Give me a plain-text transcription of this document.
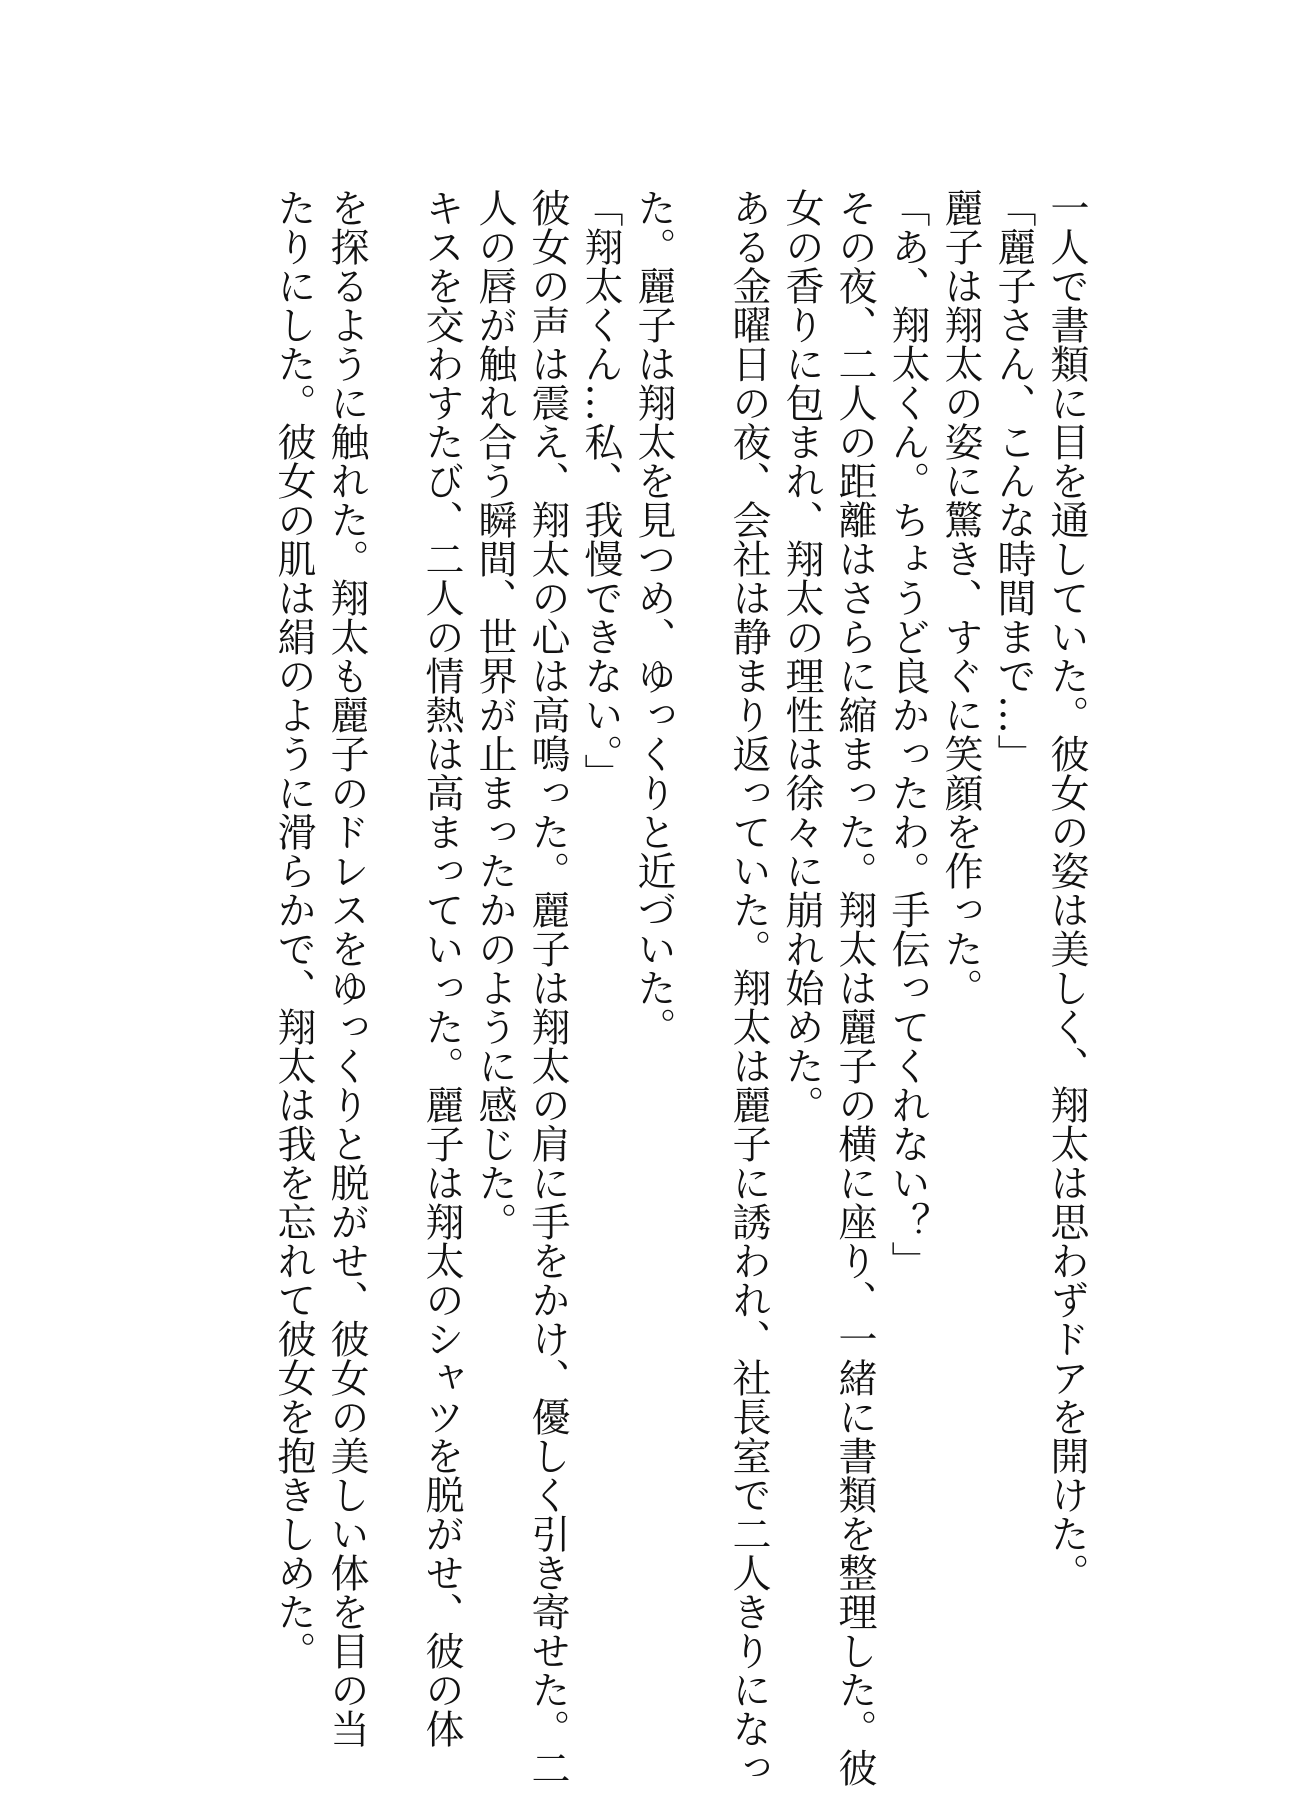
一人で書類に目を通していた。彼女の姿は美しく、翔太は思わずドアを開けた。
「麗子さん、こんな時間まで…」
麗子は翔太の姿に驚き、すぐに笑顔を作った。
「あ、翔太くん。ちょうど良かったわ。手伝ってくれない？」
その夜、二人の距離はさらに縮まった。翔太は麗子の横に座り、一緒に書類を整理した。彼
女の香りに包まれ、翔太の理性は徐々に崩れ始めた。
ある金曜日の夜、会社は静まり返っていた。翔太は麗子に誘われ、社長室で二人きりになっ
た。麗子は翔太を見つめ、ゆっくりと近づいた。
「翔太くん…私、我慢できない。」
彼女の声は震え、翔太の心は高鳴った。麗子は翔太の肩に手をかけ、優しく引き寄せた。二
人の唇が触れ合う瞬間、世界が止まったかのように感じた。
キスを交わすたび、二人の情熱は高まっていった。麗子は翔太のシャツを脱がせ、彼の体
を探るように触れた。翔太も麗子のドレスをゆっくりと脱がせ、彼女の美しい体を目の当
たりにした。彼女の肌は絹のように滑らかで、翔太は我を忘れて彼女を抱きしめた。
